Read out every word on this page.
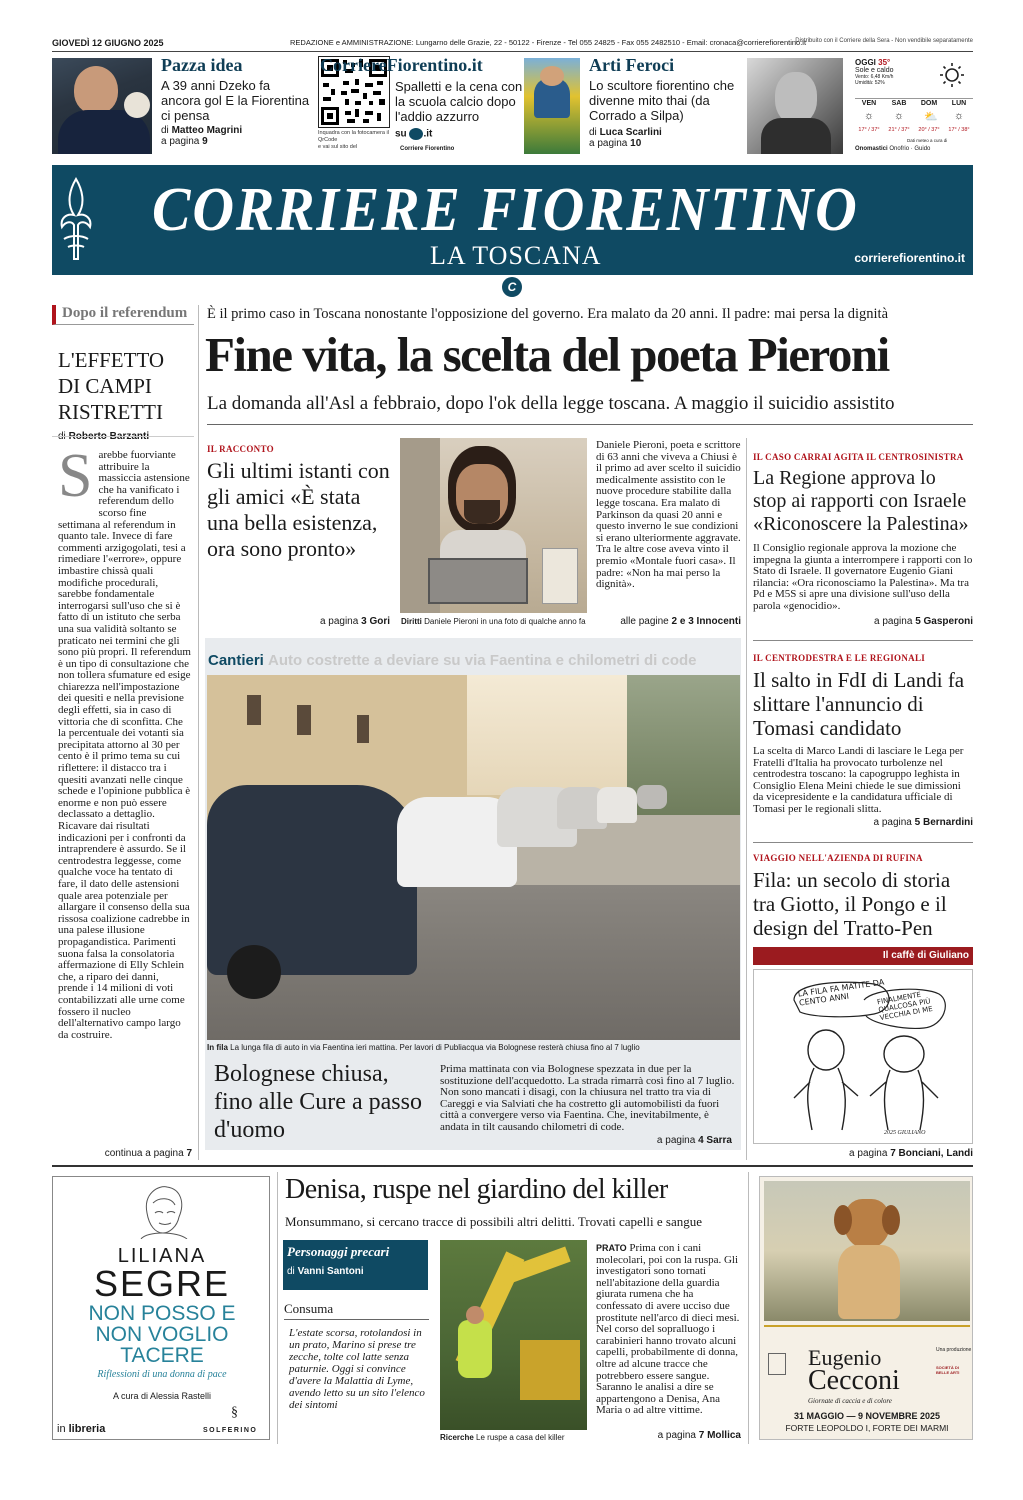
GIOVEDÌ 12 GIUGNO 2025	REDAZIONE e AMMINISTRAZIONE: Lungarno delle Grazie, 22 - 50122 - Firenze - Tel 055 24825 - Fax 055 2482510 - Email: cronaca@corrierefiorentino.it
Distribuito con il Corriere della Sera - Non vendibile separatamente
Pazza idea
A 39 anni Dzeko fa ancora gol E la Fiorentina ci pensa
di Matteo Magrini
a pagina 9
Inquadra con la fotocamera il QrCode
e vai sul sito del	Corriere Fiorentino
CorriereFiorentino.it
Spalletti e la cena con la scuola calcio dopo l'addio azzurro
su .it
Arti Feroci
Lo scultore fiorentino che divenne mito thai (da Corrado a Silpa)
di Luca Scarlini
a pagina 10
OGGI 35°
Sole e caldo
Vento: 6,48 Km/h
Umidità: 52%
VEN	SAB	DOM	LUN
☼ ☼ ⛅ ☼
17° / 37°	21° / 37°	20° / 37°	17° / 38°
Dati meteo a cura di
Onomastici Onofrio · Guido
CORRIERE FIORENTINO
LA TOSCANA	corrierefiorentino.it
C
Dopo il referendum
L'EFFETTO
DI CAMPI
RISTRETTI
S arebbe fuorviante attribuire la massiccia astensione che ha vanificato i referendum dello scorso fine settimana al referendum in quanto tale. Invece di fare commenti arzigogolati, tesi a rimediare l'«errore», oppure imbastire chissà quali modifiche procedurali, sarebbe fondamentale interrogarsi sull'uso che si è fatto di un istituto che serba una sua validità soltanto se praticato nei termini che gli sono più propri. Il referendum è un tipo di consultazione che non tollera sfumature ed esige chiarezza nell'impostazione dei quesiti e nella previsione degli effetti, sia in caso di vittoria che di sconfitta. Che la percentuale dei votanti sia precipitata attorno al 30 per cento è il primo tema su cui riflettere: il distacco tra i quesiti avanzati nelle cinque schede e l'opinione pubblica è enorme e non può essere declassato a dettaglio. Ricavare dai risultati indicazioni per i confronti da intraprendere è assurdo. Se il centrodestra leggesse, come qualche voce ha tentato di fare, il dato delle astensioni quale area potenziale per allargare il consenso della sua rissosa coalizione cadrebbe in una palese illusione propagandistica. Parimenti suona falsa la consolatoria affermazione di Elly Schlein che, a riparo dei danni, prende i 14 milioni di voti contabilizzati alle urne come fossero il nucleo dell'alternativo campo largo da costruire.
continua a pagina 7
È il primo caso in Toscana nonostante l'opposizione del governo. Era malato da 20 anni. Il padre: mai persa la dignità
Fine vita, la scelta del poeta Pieroni
La domanda all'Asl a febbraio, dopo l'ok della legge toscana. A maggio il suicidio assistito
IL RACCONTO
Gli ultimi istanti con gli amici «È stata una bella esistenza, ora sono pronto»
a pagina 3 Gori Diritti Daniele Pieroni in una foto di qualche anno fa
Daniele Pieroni, poeta e scrittore di 63 anni che viveva a Chiusi è il primo ad aver scelto il suicidio medicalmente assistito con le nuove procedure stabilite dalla legge toscana. Era malato di Parkinson da quasi 20 anni e questo inverno le sue condizioni si erano ulteriormente aggravate. Tra le altre cose aveva vinto il premio «Montale fuori casa». Il padre: «Non ha mai perso la dignità».
alle pagine 2 e 3 Innocenti
IL CASO CARRAI AGITA IL CENTROSINISTRA
La Regione approva lo stop ai rapporti con Israele «Riconoscere la Palestina»
Il Consiglio regionale approva la mozione che impegna la giunta a interrompere i rapporti con lo Stato di Israele. Il governatore Eugenio Giani rilancia: «Ora riconosciamo la Palestina». Ma tra Pd e M5S si apre una divisione sull'uso della parola «genocidio».
a pagina 5 Gasperoni
Cantieri Auto costrette a deviare su via Faentina e chilometri di code
In fila La lunga fila di auto in via Faentina ieri mattina. Per lavori di Publiacqua via Bolognese resterà chiusa fino al 7 luglio
Bolognese chiusa, fino alle Cure a passo d'uomo
Prima mattinata con via Bolognese spezzata in due per la sostituzione dell'acquedotto. La strada rimarrà così fino al 7 luglio. Non sono mancati i disagi, con la chiusura nel tratto tra via di Careggi e via Salviati che ha costretto gli automobilisti da fuori città a convergere verso via Faentina. Che, inevitabilmente, è andata in tilt causando chilometri di code.
a pagina 4 Sarra
IL CENTRODESTRA E LE REGIONALI
Il salto in FdI di Landi fa slittare l'annuncio di Tomasi candidato
La scelta di Marco Landi di lasciare le Lega per Fratelli d'Italia ha provocato turbolenze nel centrodestra toscano: la capogruppo leghista in Consiglio Elena Meini chiede le sue dimissioni da vicepresidente e la candidatura ufficiale di Tomasi per le regionali slitta.
a pagina 5 Bernardini
VIAGGIO NELL'AZIENDA DI RUFINA
Fila: un secolo di storia tra Giotto, il Pongo e il design del Tratto-Pen
Il caffè di Giuliano
LA FILA FA MATITE DA CENTO ANNI	FINALMENTE QUALCOSA PIÙ VECCHIA DI ME
2025 GIULIANO
a pagina 7 Bonciani, Landi
LILIANA
SEGRE
NON POSSO E NON VOGLIO TACERE
Riflessioni di una donna di pace
A cura di Alessia Rastelli
in libreria
§
SOLFERINO
Denisa, ruspe nel giardino del killer
Monsummano, si cercano tracce di possibili altri delitti. Trovati capelli e sangue
Personaggi precari
di Vanni Santoni
Consuma
L'estate scorsa, rotolandosi in un prato, Marino si prese tre zecche, tolte col latte senza paturnie. Oggi si convince d'avere la Malattia di Lyme, avendo letto su un sito l'elenco dei sintomi
Ricerche Le ruspe a casa del killer
PRATO Prima con i cani molecolari, poi con la ruspa. Gli investigatori sono tornati nell'abitazione della guardia giurata rumena che ha confessato di avere ucciso due prostitute nell'arco di dieci mesi. Nel corso del sopralluogo i carabinieri hanno trovato alcuni capelli, probabilmente di donna, oltre ad alcune tracce che potrebbero essere sangue. Saranno le analisi a dire se appartengono a Denisa, Ana Maria o ad altre vittime.
a pagina 7 Mollica
Eugenio
Cecconi
Giornate di caccia e di colore
Una produzione
SOCIETÀ DI BELLE ARTI
31 MAGGIO — 9 NOVEMBRE 2025
FORTE LEOPOLDO I, FORTE DEI MARMI
